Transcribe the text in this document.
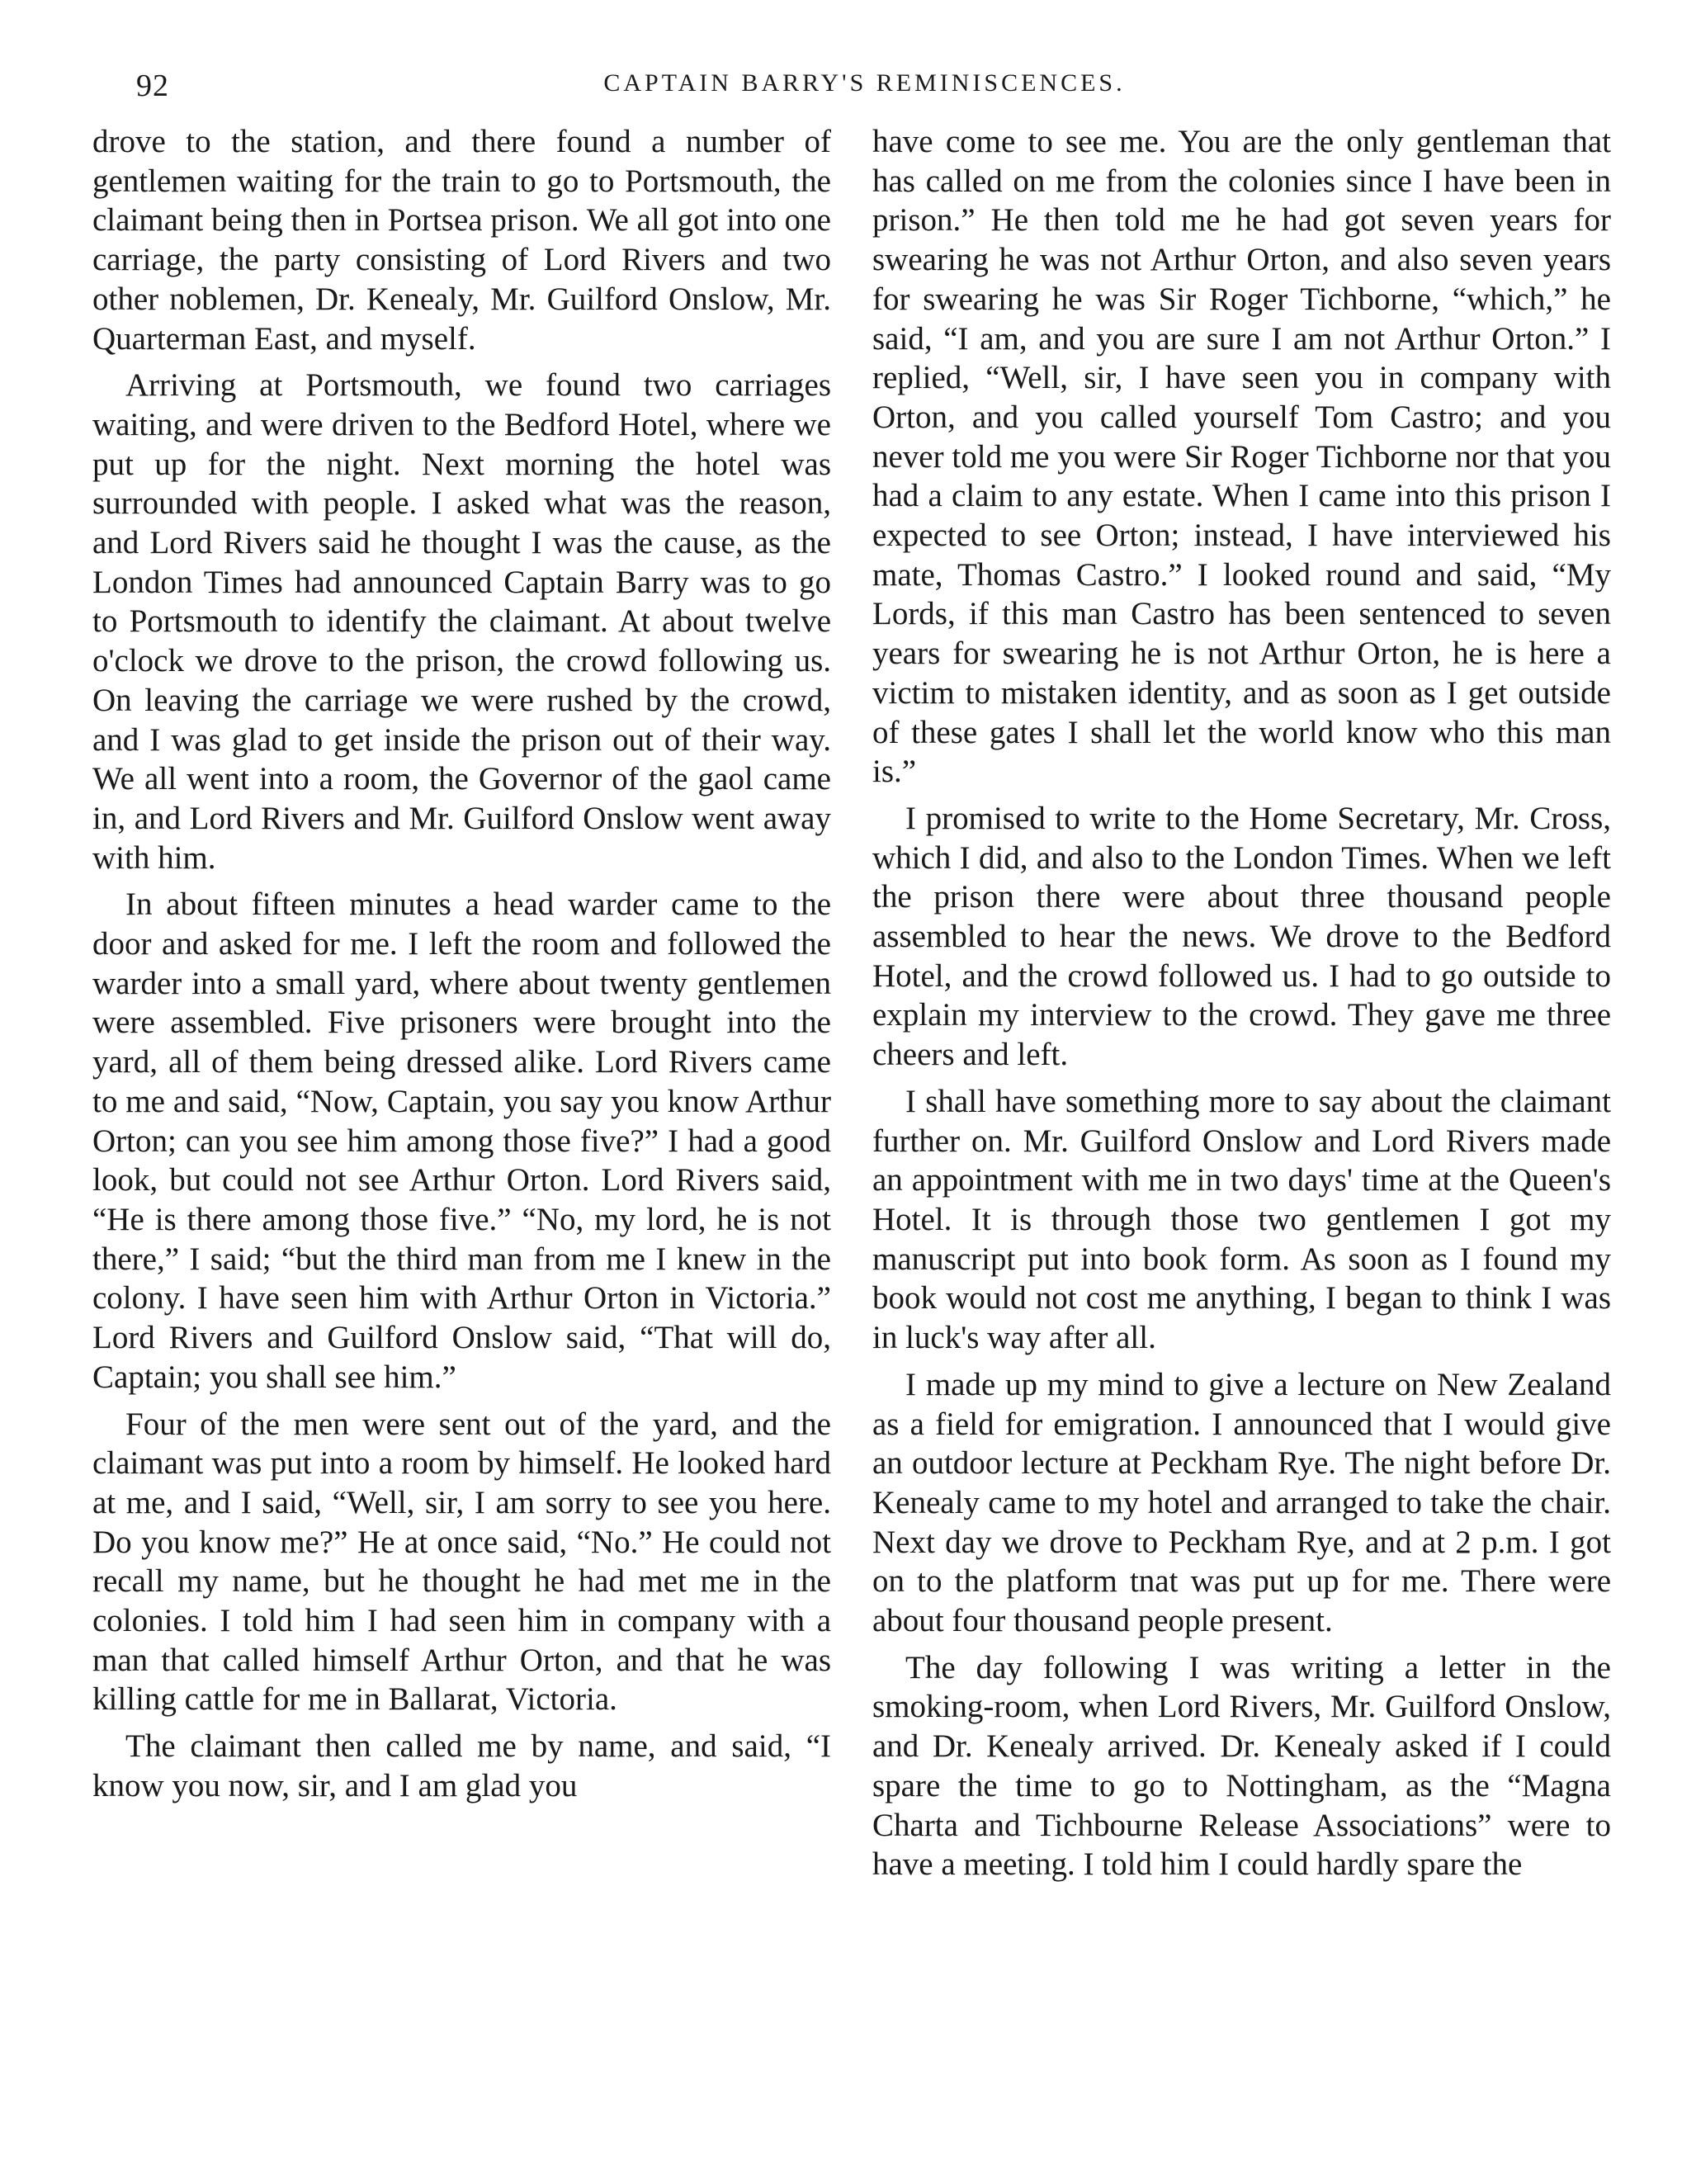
92	CAPTAIN BARRY'S REMINISCENCES.

drove to the station, and there found a number of gentlemen waiting for the train to go to Portsmouth, the claimant being then in Portsea prison. We all got into one carriage, the party consisting of Lord Rivers and two other noblemen, Dr. Kenealy, Mr. Guilford Onslow, Mr. Quarterman East, and myself.

Arriving at Portsmouth, we found two carriages waiting, and were driven to the Bedford Hotel, where we put up for the night. Next morning the hotel was surrounded with people. I asked what was the reason, and Lord Rivers said he thought I was the cause, as the London Times had announced Captain Barry was to go to Portsmouth to identify the claimant. At about twelve o'clock we drove to the prison, the crowd following us. On leaving the carriage we were rushed by the crowd, and I was glad to get inside the prison out of their way. We all went into a room, the Governor of the gaol came in, and Lord Rivers and Mr. Guilford Onslow went away with him.

In about fifteen minutes a head warder came to the door and asked for me. I left the room and followed the warder into a small yard, where about twenty gentlemen were assembled. Five prisoners were brought into the yard, all of them being dressed alike. Lord Rivers came to me and said, “Now, Captain, you say you know Arthur Orton; can you see him among those five?” I had a good look, but could not see Arthur Orton. Lord Rivers said, “He is there among those five.” “No, my lord, he is not there,” I said; “but the third man from me I knew in the colony. I have seen him with Arthur Orton in Victoria.” Lord Rivers and Guilford Onslow said, “That will do, Captain; you shall see him.”

Four of the men were sent out of the yard, and the claimant was put into a room by himself. He looked hard at me, and I said, “Well, sir, I am sorry to see you here. Do you know me?” He at once said, “No.” He could not recall my name, but he thought he had met me in the colonies. I told him I had seen him in company with a man that called himself Arthur Orton, and that he was killing cattle for me in Ballarat, Victoria.

The claimant then called me by name, and said, “I know you now, sir, and I am glad you

have come to see me. You are the only gentleman that has called on me from the colonies since I have been in prison.” He then told me he had got seven years for swearing he was not Arthur Orton, and also seven years for swearing he was Sir Roger Tichborne, “which,” he said, “I am, and you are sure I am not Arthur Orton.” I replied, “Well, sir, I have seen you in company with Orton, and you called yourself Tom Castro; and you never told me you were Sir Roger Tichborne nor that you had a claim to any estate. When I came into this prison I expected to see Orton; instead, I have interviewed his mate, Thomas Castro.” I looked round and said, “My Lords, if this man Castro has been sentenced to seven years for swearing he is not Arthur Orton, he is here a victim to mistaken identity, and as soon as I get outside of these gates I shall let the world know who this man is.”

I promised to write to the Home Secretary, Mr. Cross, which I did, and also to the London Times. When we left the prison there were about three thousand people assembled to hear the news. We drove to the Bedford Hotel, and the crowd followed us. I had to go outside to explain my interview to the crowd. They gave me three cheers and left.

I shall have something more to say about the claimant further on. Mr. Guilford Onslow and Lord Rivers made an appointment with me in two days' time at the Queen's Hotel. It is through those two gentlemen I got my manuscript put into book form. As soon as I found my book would not cost me anything, I began to think I was in luck's way after all.

I made up my mind to give a lecture on New Zealand as a field for emigration. I announced that I would give an outdoor lecture at Peckham Rye. The night before Dr. Kenealy came to my hotel and arranged to take the chair. Next day we drove to Peckham Rye, and at 2 p.m. I got on to the platform tnat was put up for me. There were about four thousand people present.

The day following I was writing a letter in the smoking-room, when Lord Rivers, Mr. Guilford Onslow, and Dr. Kenealy arrived. Dr. Kenealy asked if I could spare the time to go to Nottingham, as the “Magna Charta and Tichbourne Release Associations” were to have a meeting. I told him I could hardly spare the
